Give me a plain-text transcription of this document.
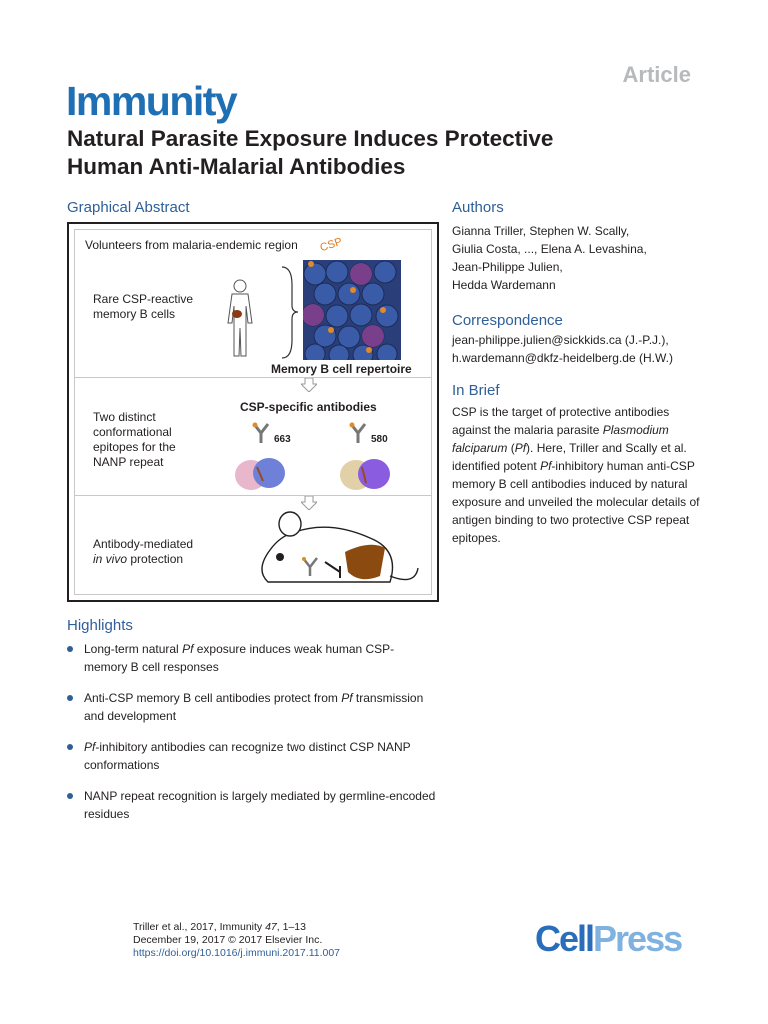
Article
Immunity
Natural Parasite Exposure Induces Protective
Human Anti-Malarial Antibodies
Graphical Abstract	Authors
Correspondence
In Brief
Highlights
Gianna Triller, Stephen W. Scally,
Giulia Costa, ..., Elena A. Levashina,
Jean-Philippe Julien,
Hedda Wardemann
jean-philippe.julien@sickkids.ca (J.-P.J.),
h.wardemann@dkfz-heidelberg.de (H.W.)
CSP is the target of protective antibodies against the malaria parasite Plasmodium falciparum (Pf). Here, Triller and Scally et al. identified potent Pf-inhibitory human anti-CSP memory B cell antibodies induced by natural exposure and unveiled the molecular details of antigen binding to two protective CSP repeat epitopes.
Long-term natural Pf exposure induces weak human CSP-memory B cell responses
Anti-CSP memory B cell antibodies protect from Pf transmission and development
Pf-inhibitory antibodies can recognize two distinct CSP NANP conformations
NANP repeat recognition is largely mediated by germline-encoded residues
Volunteers from malaria-endemic region
Rare CSP-reactive
memory B cells
CSP
Memory B cell repertoire
CSP-specific antibodies
Two distinct
conformational
epitopes for the
NANP repeat
663	580
Antibody-mediated
in vivo protection
Triller et al., 2017, Immunity 47, 1–13
December 19, 2017 © 2017 Elsevier Inc.
https://doi.org/10.1016/j.immuni.2017.11.007	CellPress
